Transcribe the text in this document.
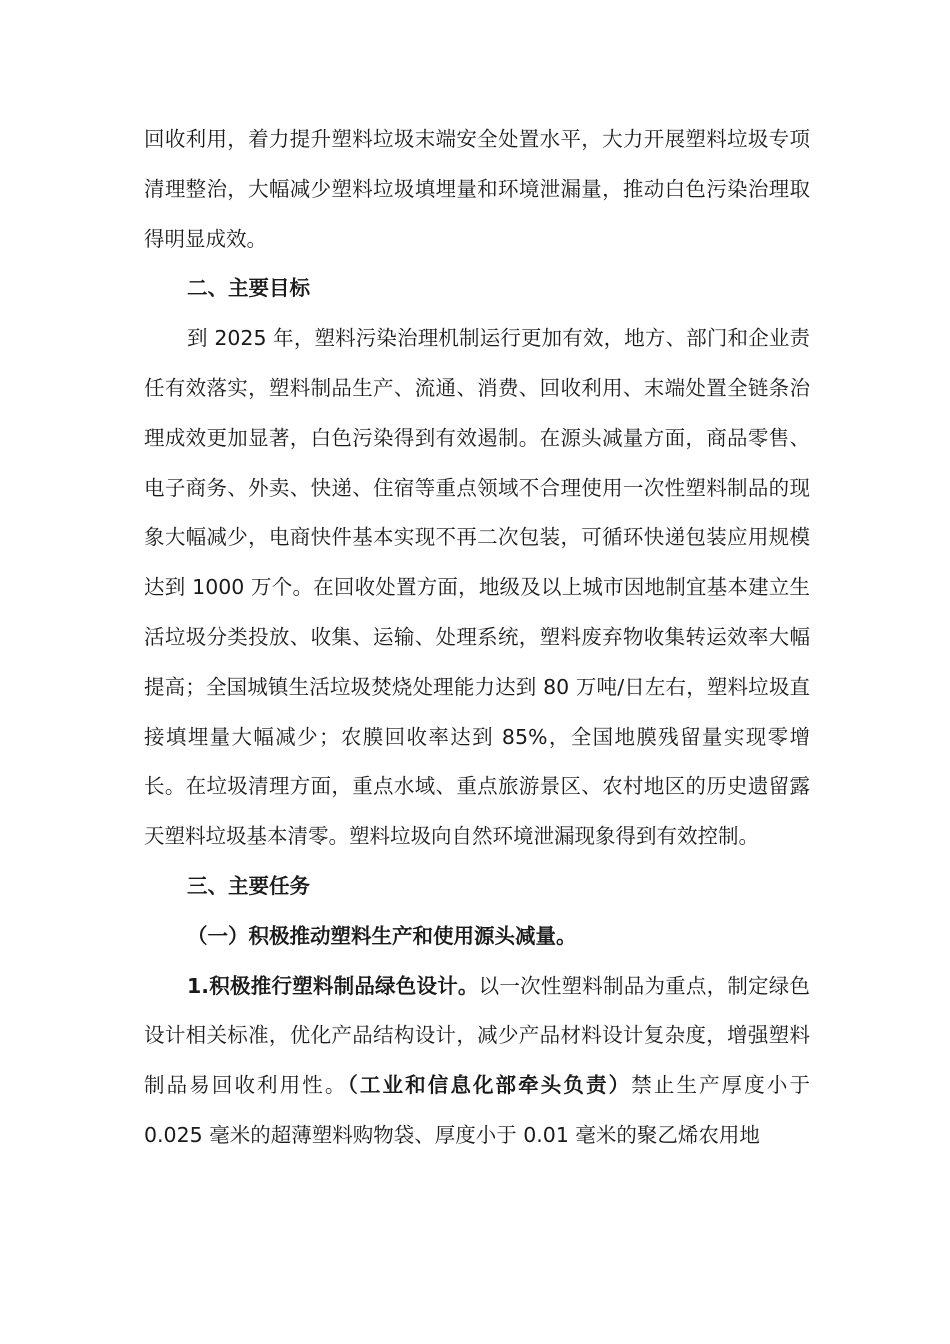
回收利用，着力提升塑料垃圾末端安全处置水平，大力开展塑料垃圾专项清理整治，大幅减少塑料垃圾填埋量和环境泄漏量，推动白色污染治理取得明显成效。

二、主要目标

到 2025 年，塑料污染治理机制运行更加有效，地方、部门和企业责任有效落实，塑料制品生产、流通、消费、回收利用、末端处置全链条治理成效更加显著，白色污染得到有效遏制。在源头减量方面，商品零售、电子商务、外卖、快递、住宿等重点领域不合理使用一次性塑料制品的现象大幅减少，电商快件基本实现不再二次包装，可循环快递包装应用规模达到 1000 万个。在回收处置方面，地级及以上城市因地制宜基本建立生活垃圾分类投放、收集、运输、处理系统，塑料废弃物收集转运效率大幅提高；全国城镇生活垃圾焚烧处理能力达到 80 万吨/日左右，塑料垃圾直接填埋量大幅减少；农膜回收率达到 85%，全国地膜残留量实现零增长。在垃圾清理方面，重点水域、重点旅游景区、农村地区的历史遗留露天塑料垃圾基本清零。塑料垃圾向自然环境泄漏现象得到有效控制。

三、主要任务

（一）积极推动塑料生产和使用源头减量。

1.积极推行塑料制品绿色设计。以一次性塑料制品为重点，制定绿色设计相关标准，优化产品结构设计，减少产品材料设计复杂度，增强塑料制品易回收利用性。（工业和信息化部牵头负责）禁止生产厚度小于 0.025 毫米的超薄塑料购物袋、厚度小于 0.01 毫米的聚乙烯农用地
